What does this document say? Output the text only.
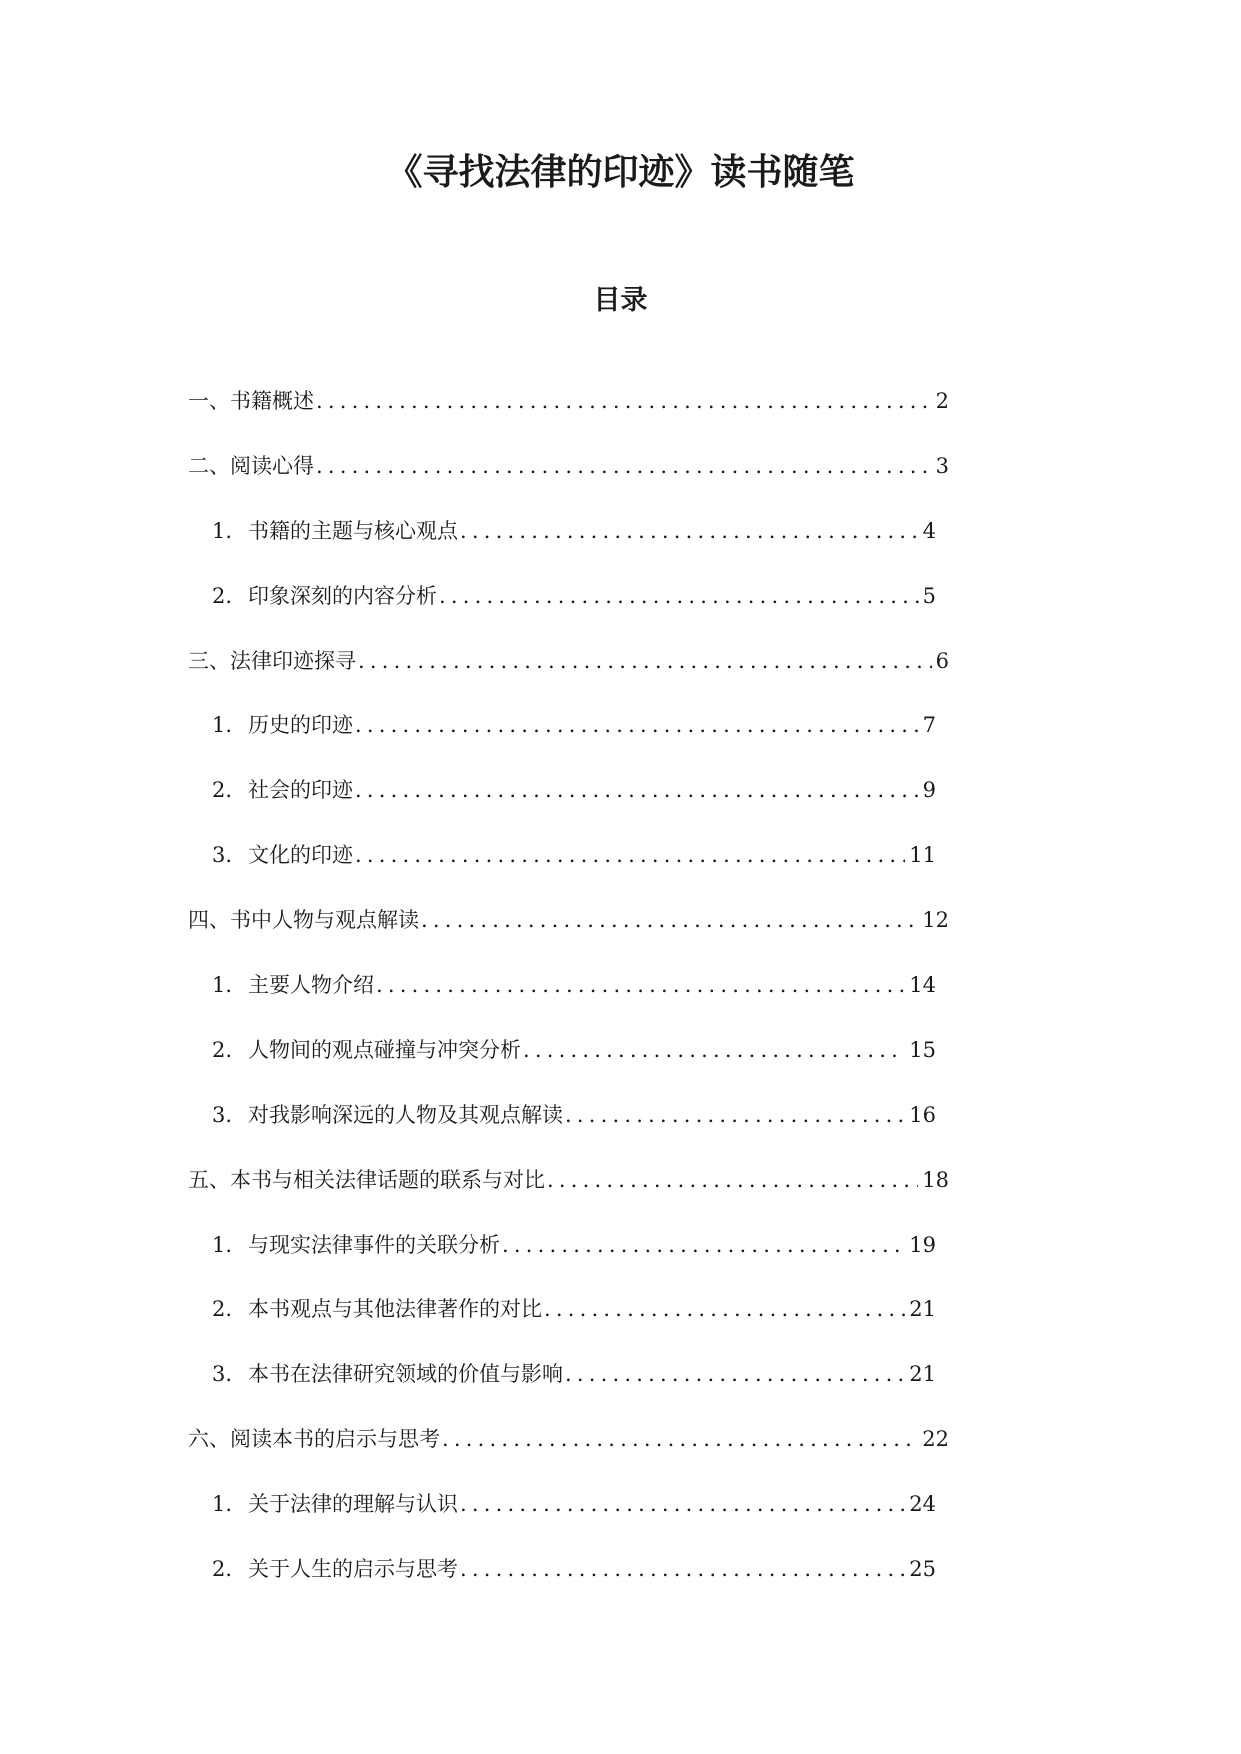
《寻找法律的印迹》读书随笔
目录
一、书籍概述 .....	2
二、阅读心得 .....	3
1. 书籍的主题与核心观点 .....	4
2. 印象深刻的内容分析 .....	5
三、法律印迹探寻 .....	6
1. 历史的印迹 .....	7
2. 社会的印迹 .....	9
3. 文化的印迹 .....	11
四、书中人物与观点解读 .....	12
1. 主要人物介绍 .....	14
2. 人物间的观点碰撞与冲突分析 .....	15
3. 对我影响深远的人物及其观点解读 .....	16
五、本书与相关法律话题的联系与对比 .....	18
1. 与现实法律事件的关联分析 .....	19
2. 本书观点与其他法律著作的对比 .....	21
3. 本书在法律研究领域的价值与影响 .....	21
六、阅读本书的启示与思考 .....	22
1. 关于法律的理解与认识 .....	24
2. 关于人生的启示与思考 .....	25
